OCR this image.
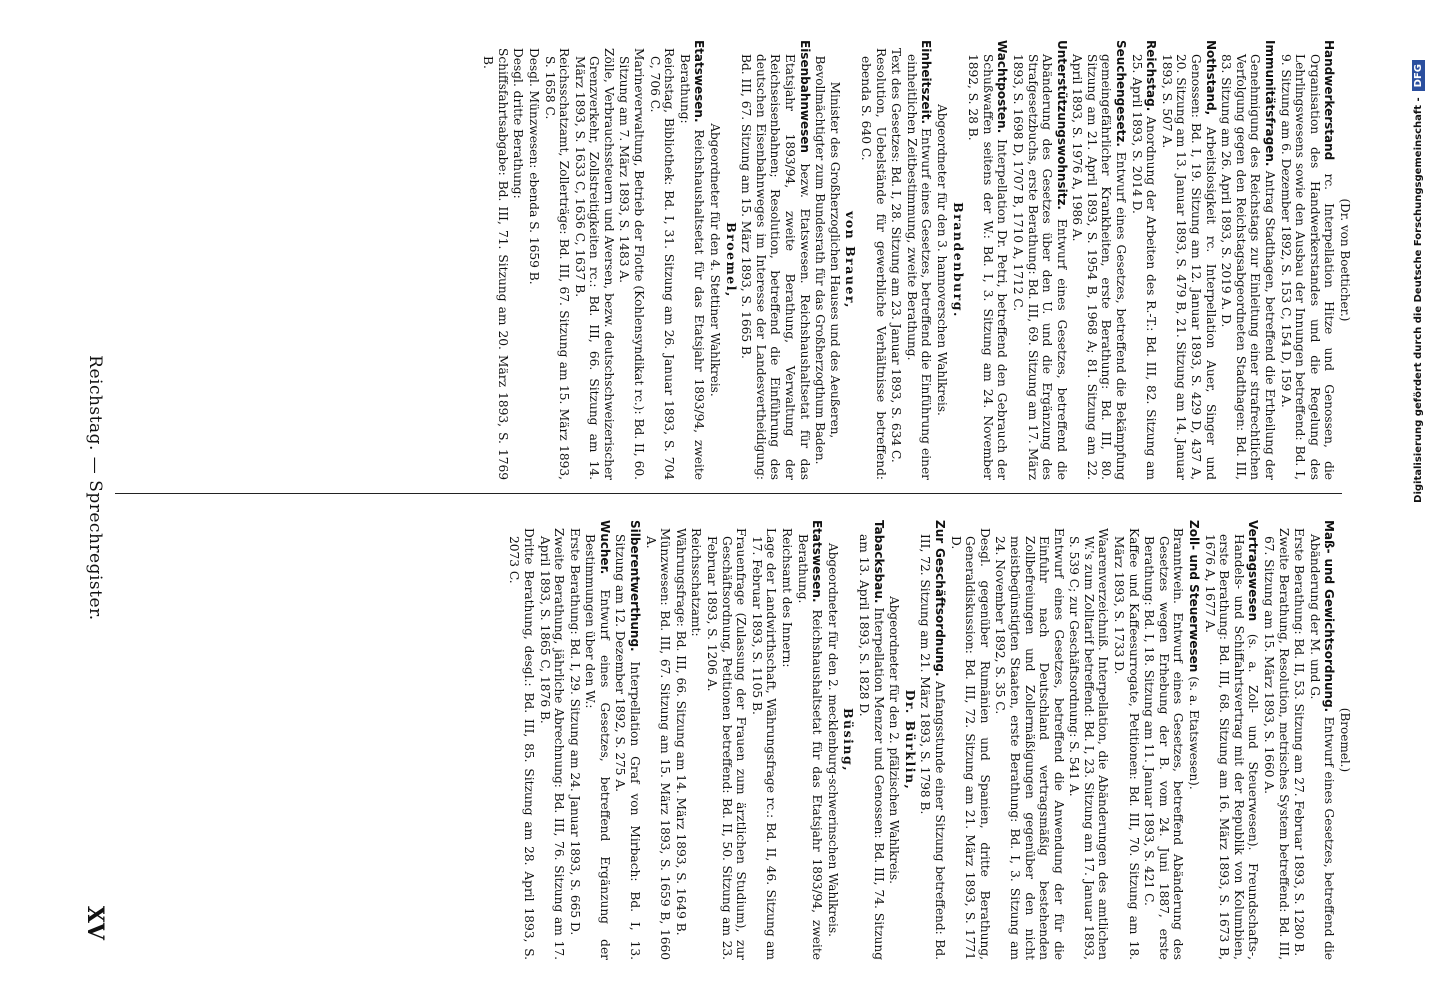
Reichstag. — Sprechregister.
XV

(Dr. von Boetticher.)

Handwerkerstand rc. Interpellation Hitze und Genossen, die Organisation des Handwerkerstandes und die Regelung des Lehrlingswesens sowie den Ausbau der Innungen betreffend: Bd. I, 9. Sitzung am 6. Dezember 1892, S. 153 C, 154 D, 159 A.

Immunitätsfragen. Antrag Stadthagen, betreffend die Ertheilung der Genehmigung des Reichstags zur Einleitung einer strafrechtlichen Verfolgung gegen den Reichstagsabgeordneten Stadthagen: Bd. III, 83. Sitzung am 26. April 1893, S. 2019 A. D.

Nothstand, Arbeitslosigkeit rc. Interpellation Auer, Singer und Genossen: Bd. I, 19. Sitzung am 12. Januar 1893, S. 429 D, 437 A, 20. Sitzung am 13. Januar 1893, S. 479 B, 21. Sitzung am 14. Januar 1893, S. 507 A.

Reichstag. Anordnung der Arbeiten des R.-T.: Bd. III, 82. Sitzung am 25. April 1893, S. 2014 D.

Seuchengesetz. Entwurf eines Gesetzes, betreffend die Bekämpfung gemeingefährlicher Krankheiten, erste Berathung: Bd. III, 80. Sitzung am 21. April 1893, S. 1954 B, 1968 A; 81. Sitzung am 22. April 1893, S. 1976 A, 1986 A.

Unterstützungswohnsitz. Entwurf eines Gesetzes, betreffend die Abänderung des Gesetzes über den U. und die Ergänzung des Strafgesetzbuchs, erste Berathung: Bd. III, 69. Sitzung am 17. März 1893, S. 1698 D, 1707 B, 1710 A, 1712 C.

Wachtposten. Interpellation Dr. Petri, betreffend den Gebrauch der Schußwaffen seitens der W.: Bd. I, 3. Sitzung am 24. November 1892, S. 28 B.

Brandenburg.

Abgeordneter für den 3. hannoverschen Wahlkreis.

Einheitszeit. Entwurf eines Gesetzes, betreffend die Einführung einer einheitlichen Zeitbestimmung, zweite Berathung.

Text des Gesetzes: Bd. I, 28. Sitzung am 23. Januar 1893, S. 634 C.

Resolution, Uebelstände für gewerbliche Verhältnisse betreffend: ebenda S. 640 C.

von Brauer,

Minister des Großherzoglichen Hauses und des Aeußeren, Bevollmächtigter zum Bundesrath für das Großherzogthum Baden.

Eisenbahnwesen bezw. Etatswesen. Reichshaushaltsetat für das Etatsjahr 1893/94, zweite Berathung, Verwaltung der Reichseisenbahnen; Resolution, betreffend die Einführung des deutschen Eisenbahnweges im Interesse der Landesvertheidigung: Bd. III, 67. Sitzung am 15. März 1893, S. 1665 B.

Broemel,

Abgeordneter für den 4. Stettiner Wahlkreis.

Etatswesen. Reichshaushaltsetat für das Etatsjahr 1893/94, zweite Berathung:

Reichstag, Bibliothek: Bd. I, 31. Sitzung am 26. Januar 1893, S. 704 C, 706 C.

Marineverwaltung, Betrieb der Flotte (Kohlensyndikat rc.): Bd. II, 60. Sitzung am 7. März 1893, S. 1483 A.

Zölle, Verbrauchssteuern und Aversen, bezw. deutschschweizerischer Grenzverkehr, Zollstreitigkeiten rc.: Bd. III, 66. Sitzung am 14. März 1893, S. 1633 C, 1636 C, 1637 B.

Reichsschatzamt, Zollerträge: Bd. III, 67. Sitzung am 15. März 1893, S. 1658 C.

Desgl. Münzwesen: ebenda S. 1659 B.

Desgl. dritte Berathung:

Schiffsfahrtsabgabe: Bd. III, 71. Sitzung am 20. März 1893, S. 1769 B.

(Broemel.)

Maß- und Gewichtsordnung. Entwurf eines Gesetzes, betreffend die Abänderung der M. und G.

Erste Berathung: Bd. II, 53. Sitzung am 27. Februar 1893, S. 1280 B.

Zweite Berathung, Resolution, metrisches System betreffend: Bd. III, 67. Sitzung am 15. März 1893, S. 1660 A.

Vertragswesen (s. a. Zoll- und Steuerwesen). Freundschafts-, Handels- und Schiffahrtsvertrag mit der Republik von Kolumbien, erste Berathung: Bd. III, 68. Sitzung am 16. März 1893, S. 1673 B, 1676 A, 1677 A.

Zoll- und Steuerwesen (s. a. Etatswesen).

Branntwein. Entwurf eines Gesetzes, betreffend Abänderung des Gesetzes wegen Erhebung der B. vom 24. Juni 1887, erste Berathung: Bd. I, 18. Sitzung am 11. Januar 1893, S. 421 C.

Kaffee und Kaffeesurrogate, Petitionen: Bd. III, 70. Sitzung am 18. März 1893, S. 1733 D.

Waarenverzeichniß. Interpellation, die Abänderungen des amtlichen W.'s zum Zolltarif betreffend: Bd. I, 23. Sitzung am 17. Januar 1893, S. 539 C; zur Geschäftsordnung: S. 541 A.

Entwurf eines Gesetzes, betreffend die Anwendung der für die Einfuhr nach Deutschland vertragsmäßig bestehenden Zollbefreiungen und Zollermäßigungen gegenüber den nicht meistbegünstigten Staaten, erste Berathung: Bd. I, 3. Sitzung am 24. November 1892, S. 35 C.

Desgl. gegenüber Rumänien und Spanien, dritte Berathung, Generaldiskussion: Bd. III, 72. Sitzung am 21. März 1893, S. 1771 D.

Zur Geschäftsordnung. Anfangsstunde einer Sitzung betreffend: Bd. III, 72. Sitzung am 21. März 1893, S. 1798 B.

Dr. Bürklin,

Abgeordneter für den 2. pfälzischen Wahlkreis.

Tabacksbau. Interpellation Menzer und Genossen: Bd. III, 74. Sitzung am 13. April 1893, S. 1828 D.

Büsing,

Abgeordneter für den 2. mecklenburg-schwerinschen Wahlkreis.

Etatswesen. Reichshaushaltsetat für das Etatsjahr 1893/94, zweite Berathung.

Reichsamt des Innern:

Lage der Landwirthschaft, Währungsfrage rc.: Bd. II, 46. Sitzung am 17. Februar 1893, S. 1105 B.

Frauenfrage (Zulassung der Frauen zum ärztlichen Studium), zur Geschäftsordnung, Petitionen betreffend: Bd. II, 50. Sitzung am 23. Februar 1893, S. 1206 A.

Reichsschatzamt:

Währungsfrage: Bd. III, 66. Sitzung am 14. März 1893, S. 1649 B.

Münzwesen: Bd. III, 67. Sitzung am 15. März 1893, S. 1659 B, 1660 A.

Silberentwerthung. Interpellation Graf von Mirbach: Bd. I, 13. Sitzung am 12. Dezember 1892, S. 275 A.

Wucher. Entwurf eines Gesetzes, betreffend Ergänzung der Bestimmungen über den W.:

Erste Berathung: Bd. I, 29. Sitzung am 24. Januar 1893, S. 665 D.

Zweite Berathung, jährliche Abrechnung: Bd. III, 76. Sitzung am 17. April 1893, S. 1865 C, 1876 B.

Dritte Berathung, desgl.: Bd. III, 85. Sitzung am 28. April 1893, S. 2073 C.

Digitalisierung gefördert durch die Deutsche Forschungsgemeinschaft -
DFG
